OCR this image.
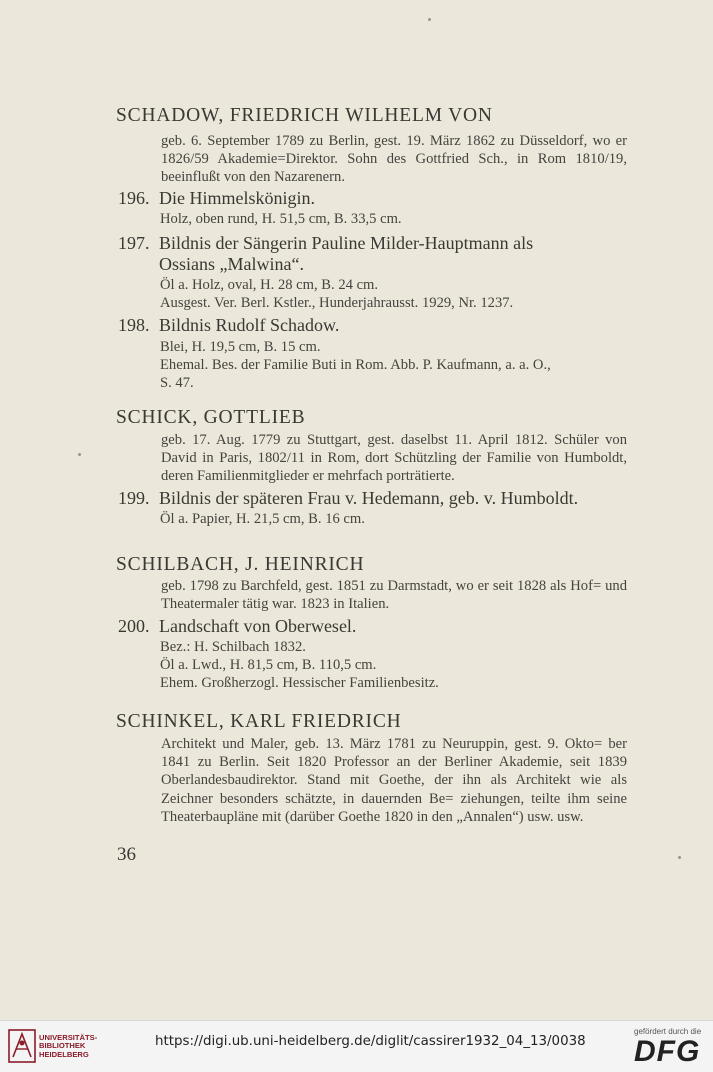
SCHADOW, FRIEDRICH WILHELM VON
geb. 6. September 1789 zu Berlin, gest. 19. März 1862 zu Düsseldorf, wo er 1826/59 Akademie=Direktor. Sohn des Gottfried Sch., in Rom 1810/19, beeinflußt von den Nazarenern.
196. Die Himmelskönigin.
Holz, oben rund, H. 51,5 cm, B. 33,5 cm.
197. Bildnis der Sängerin Pauline Milder-Hauptmann als
Ossians „Malwina“.
Öl a. Holz, oval, H. 28 cm, B. 24 cm.
Ausgest. Ver. Berl. Kstler., Hunderjahrausst. 1929, Nr. 1237.
198. Bildnis Rudolf Schadow.
Blei, H. 19,5 cm, B. 15 cm.
Ehemal. Bes. der Familie Buti in Rom. Abb. P. Kaufmann, a. a. O.,
S. 47.
SCHICK, GOTTLIEB
geb. 17. Aug. 1779 zu Stuttgart, gest. daselbst 11. April 1812. Schüler von David in Paris, 1802/11 in Rom, dort Schützling der Familie von Humboldt, deren Familienmitglieder er mehrfach porträtierte.
199. Bildnis der späteren Frau v. Hedemann, geb. v. Humboldt.
Öl a. Papier, H. 21,5 cm, B. 16 cm.
SCHILBACH, J. HEINRICH
geb. 1798 zu Barchfeld, gest. 1851 zu Darmstadt, wo er seit 1828 als Hof= und Theatermaler tätig war. 1823 in Italien.
200. Landschaft von Oberwesel.
Bez.: H. Schilbach 1832.
Öl a. Lwd., H. 81,5 cm, B. 110,5 cm.
Ehem. Großherzogl. Hessischer Familienbesitz.
SCHINKEL, KARL FRIEDRICH
Architekt und Maler, geb. 13. März 1781 zu Neuruppin, gest. 9. Okto= ber 1841 zu Berlin. Seit 1820 Professor an der Berliner Akademie, seit 1839 Oberlandesbaudirektor. Stand mit Goethe, der ihn als Architekt wie als Zeichner besonders schätzte, in dauernden Be= ziehungen, teilte ihm seine Theaterbaupläne mit (darüber Goethe 1820 in den „Annalen“) usw. usw.
36
UNIVERSITÄTS-
BIBLIOTHEK
HEIDELBERG
https://digi.ub.uni-heidelberg.de/diglit/cassirer1932_04_13/0038
gefördert durch die
DFG
